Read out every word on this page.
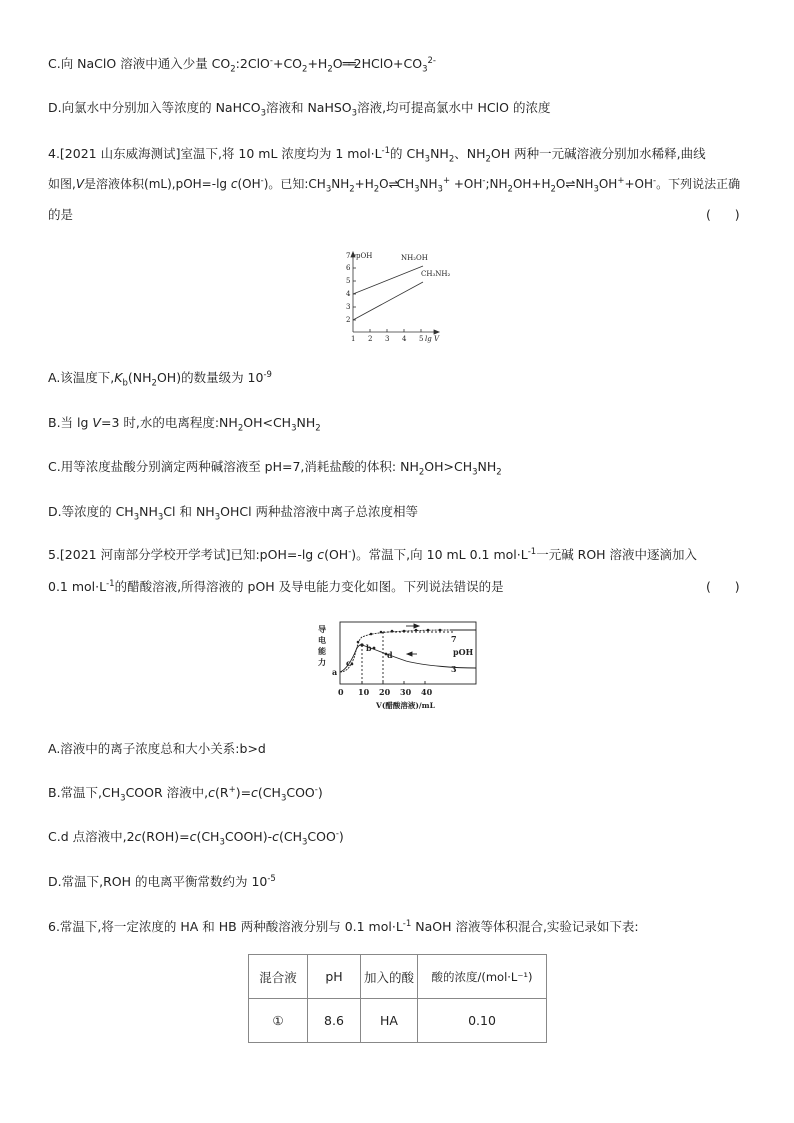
C.向 NaClO 溶液中通入少量 $CO_2:2ClO^-+CO_2+H_2O══2HClO+CO_3^{2-}$
D.向氯水中分别加入等浓度的 NaHCO$_3$溶液和 NaHSO$_3$溶液,均可提高氯水中 HClO 的浓度
4.[2021 山东威海测试]室温下,将 10 mL 浓度均为 1 $mol\cdot L^{-1}$的 $CH_3NH_2$、$NH_2OH$ 两种一元碱溶液分别加水稀释,曲线
如图,V是溶液体积(mL),pOH=-lg c(OH-)。已知$:CH_3NH_2+H_2O\rightleftharpoons CH_3NH_3^+$ $+OH^-;NH_2OH+H_2O\rightleftharpoons NH_3OH^++OH^-$。下列说法正确
的是	(      )
pOH
2
3
4
5
6
7
1 2 3 4 5 lg V
NH₂OH
CH₃NH₂
A.该温度下$,K_b(NH_2OH)$的数量级为 $10^{-9}$
B.当 lg V=3 时,水的电离程度$:NH_2OH<CH_3NH_2$
C.用等浓度盐酸分别滴定两种碱溶液至 pH=7,消耗盐酸的体积: $NH_2OH>CH_3NH_2$
D.等浓度的 $CH_3NH_3Cl$ 和 $NH_3OHCl$ 两种盐溶液中离子总浓度相等
5.[2021 河南部分学校开学考试]已知:pOH=-lg c(OH-)。常温下,向 10 mL 0.1 $mol\cdot L^{-1}$一元碱 ROH 溶液中逐滴加入
0.1 $mol\cdot L^{-1}$的醋酸溶液,所得溶液的 pOH 及导电能力变化如图。下列说法错误的是	(      )
导
电
能
力
a
b
c
d
7
pOH
3
0 10 20 30 40
V(醋酸溶液)/mL
A.溶液中的离子浓度总和大小关系:b>d
B.常温下$,CH_3COOR$ 溶液中$,c(R^+)=c(CH_3COO^-)$
C.d 点溶液中$,2c(ROH)=c(CH_3COOH)-c(CH_3COO^-)$
D.常温下,ROH 的电离平衡常数约为 $10^{-5}$
6.常温下,将一定浓度的 HA 和 HB 两种酸溶液分别与 0.1 $mol\cdot L^{-1}$ NaOH 溶液等体积混合,实验记录如下表:
混合液	pH	加入的酸	酸的浓度/(mol·L⁻¹)
①	8.6	HA	0.10
